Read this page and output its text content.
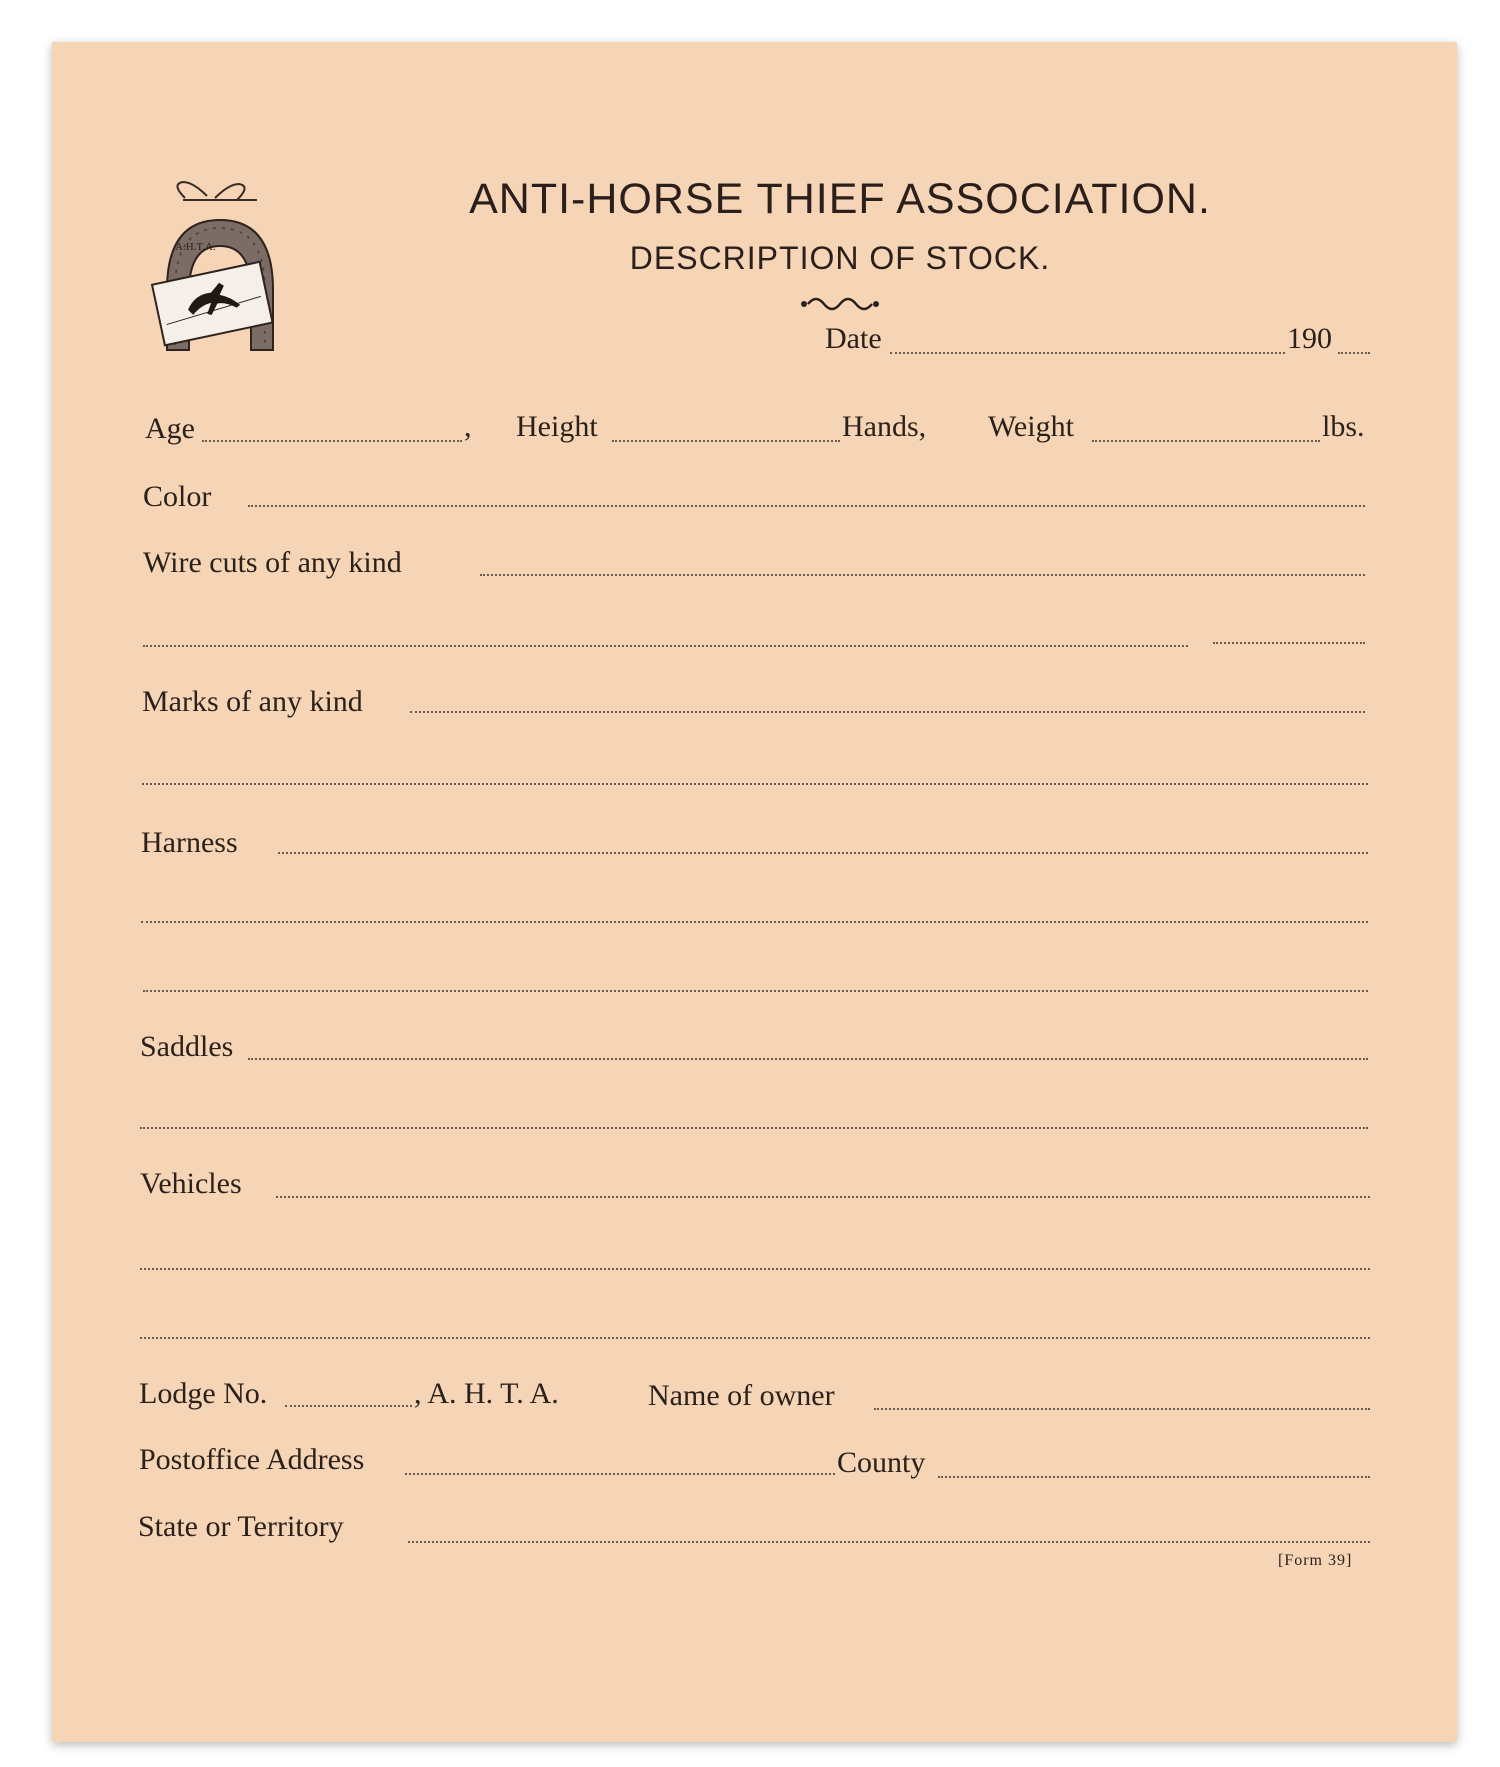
A.H.T.A.
ANTI-HORSE THIEF ASSOCIATION.
DESCRIPTION OF STOCK.
Date	190
Age	, Height	Hands, Weight	lbs.
Color
Wire cuts of any kind
Marks of any kind
Harness
Saddles
Vehicles
Lodge No.	, A. H. T. A.	Name of owner
Postoffice Address	County
State or Territory
[Form 39]
